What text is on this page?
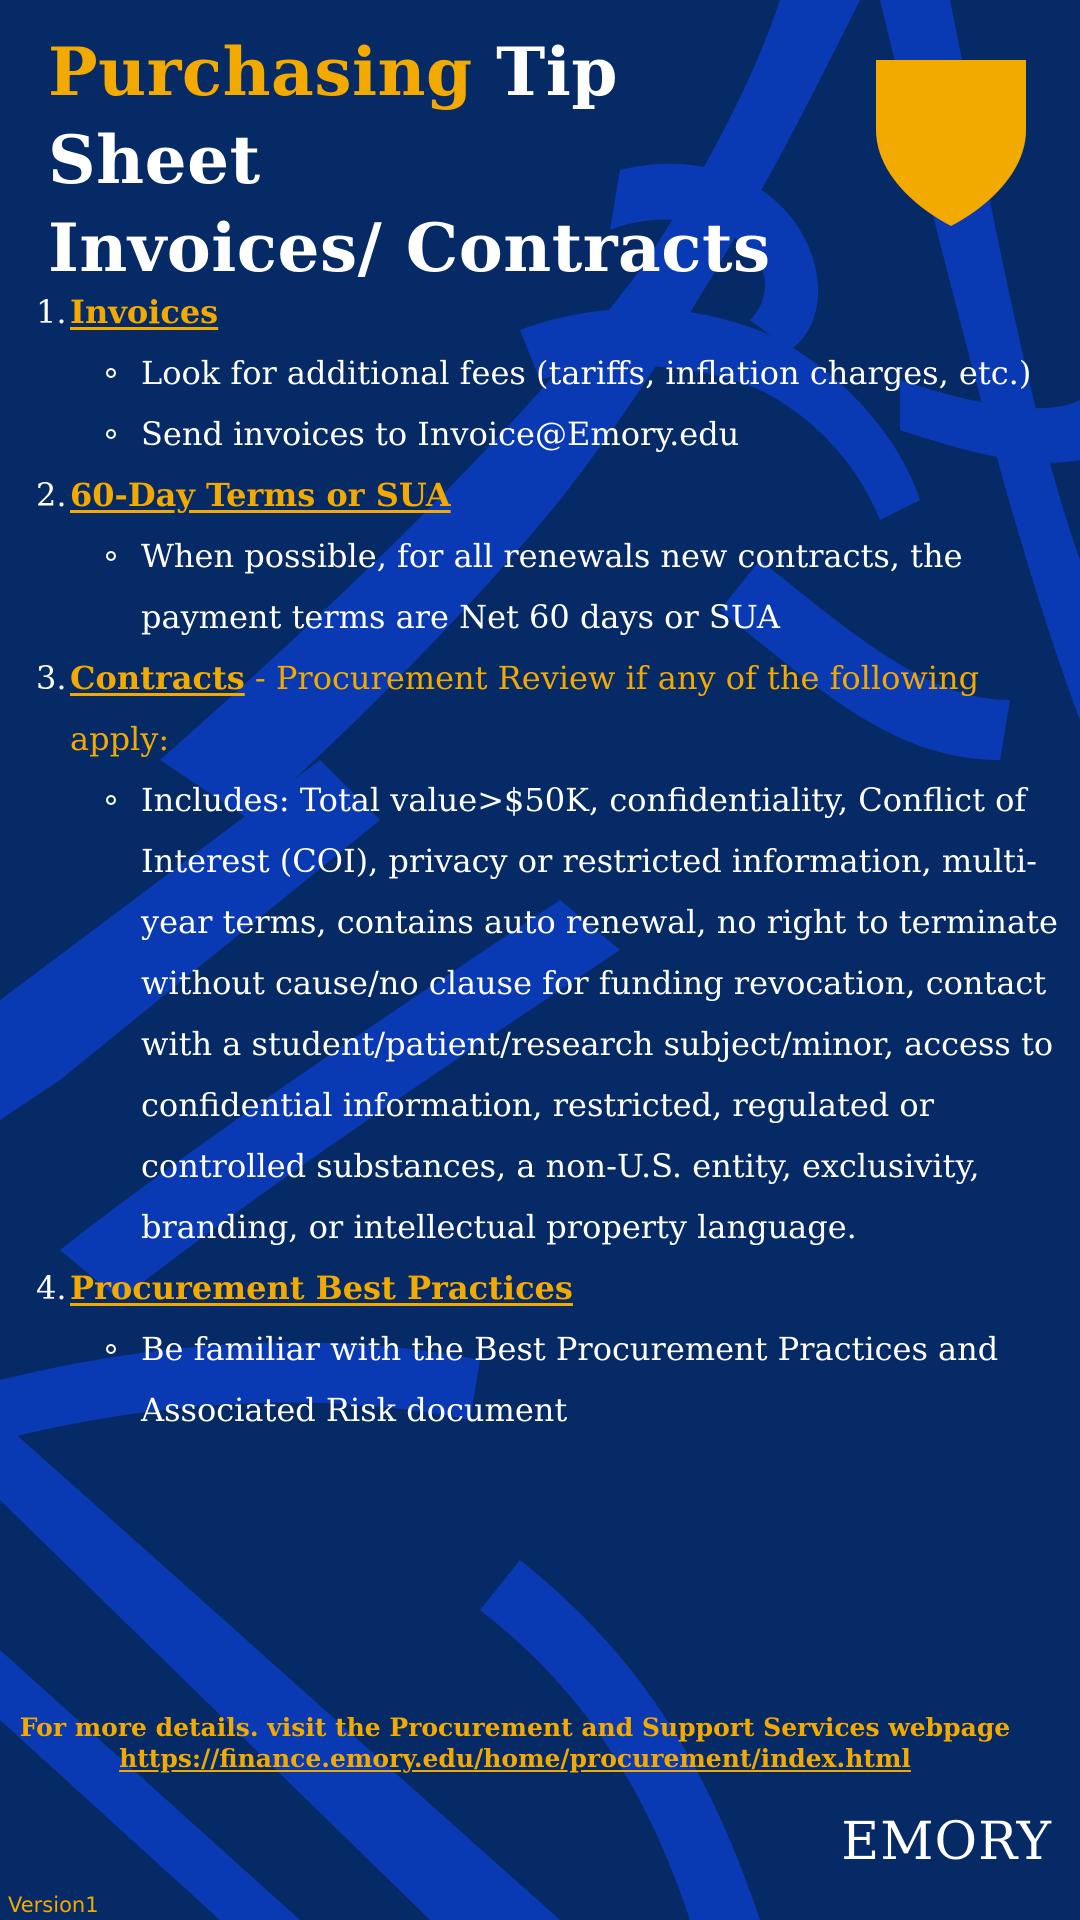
Purchasing Tip Sheet
Invoices/ Contracts
1. Invoices
Look for additional fees (tariffs, inflation charges, etc.)
Send invoices to Invoice@Emory.edu
2. 60-Day Terms or SUA
When possible, for all renewals new contracts, the payment terms are Net 60 days or SUA
3. Contracts - Procurement Review if any of the following apply:
Includes: Total value>$50K, confidentiality, Conflict of Interest (COI), privacy or restricted information, multi-year terms, contains auto renewal, no right to terminate without cause/no clause for funding revocation, contact with a student/patient/research subject/minor, access to confidential information, restricted, regulated or controlled substances, a non-U.S. entity, exclusivity, branding, or intellectual property language.
4. Procurement Best Practices
Be familiar with the Best Procurement Practices and Associated Risk document
For more details. visit the Procurement and Support Services webpage
https://finance.emory.edu/home/procurement/index.html
EMORY
Version1
